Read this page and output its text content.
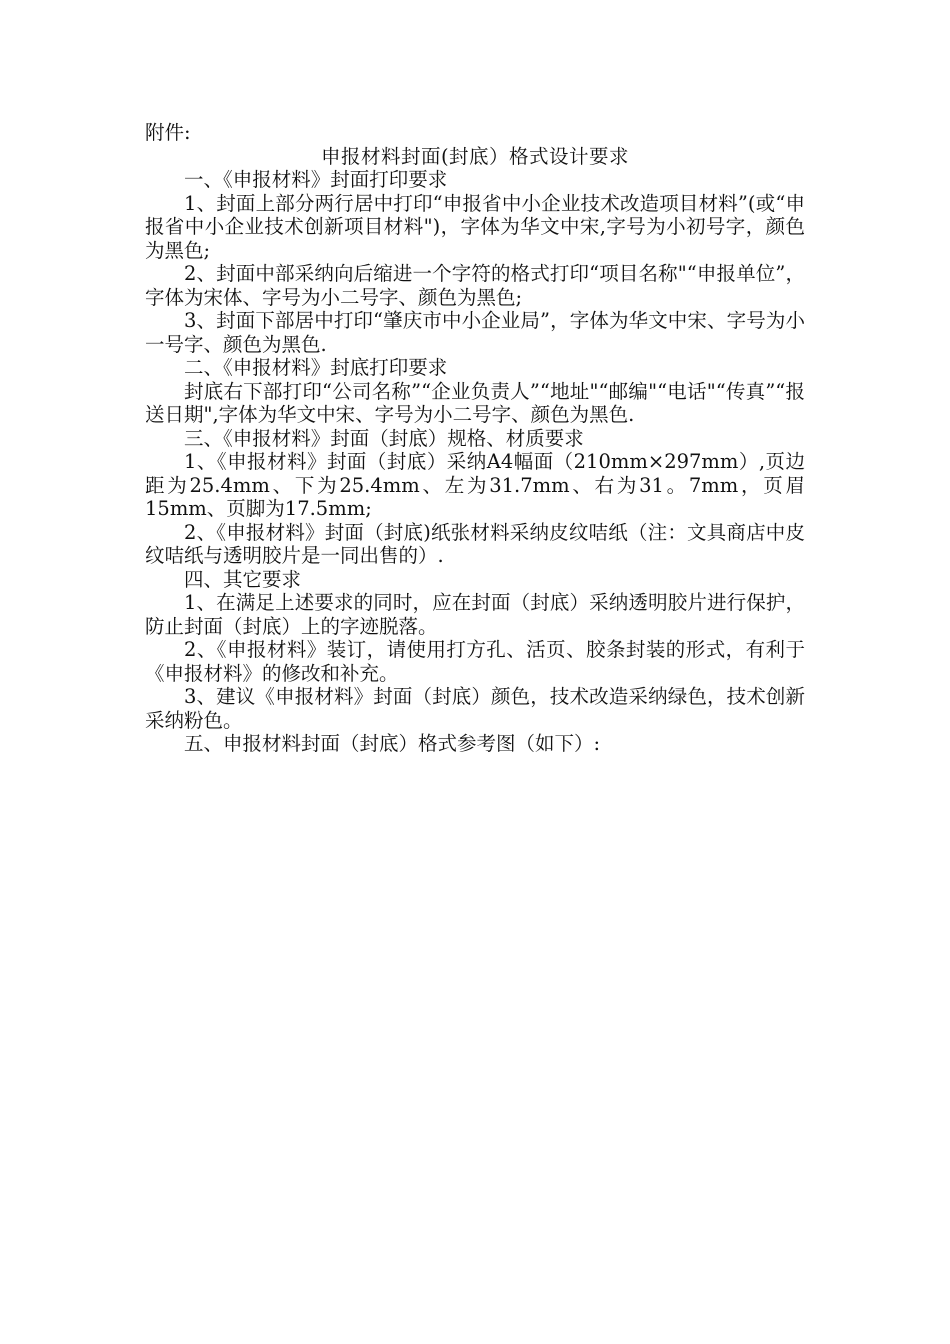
附件:

申报材料封面(封底）格式设计要求

一、《申报材料》封面打印要求

1、封面上部分两行居中打印“申报省中小企业技术改造项目材料”(或“申报省中小企业技术创新项目材料")，字体为华文中宋,字号为小初号字，颜色为黑色;

2、封面中部采纳向后缩进一个字符的格式打印“项目名称"“申报单位”，字体为宋体、字号为小二号字、颜色为黑色;

3、封面下部居中打印“肇庆市中小企业局”，字体为华文中宋、字号为小一号字、颜色为黑色.

二、《申报材料》封底打印要求

封底右下部打印“公司名称”“企业负责人”“地址"“邮编"“电话"“传真”“报送日期",字体为华文中宋、字号为小二号字、颜色为黑色.

三、《申报材料》封面（封底）规格、材质要求

1、《申报材料》封面（封底）采纳A4幅面（210mm×297mm）,页边距为25.4mm、下为25.4mm、左为31.7mm、右为31。7mm，页眉15mm、页脚为17.5mm;

2、《申报材料》封面（封底)纸张材料采纳皮纹咭纸（注：文具商店中皮纹咭纸与透明胶片是一同出售的）.

四、其它要求

1、在满足上述要求的同时，应在封面（封底）采纳透明胶片进行保护，防止封面（封底）上的字迹脱落。

2、《申报材料》装订，请使用打方孔、活页、胶条封装的形式，有利于《申报材料》的修改和补充。

3、建议《申报材料》封面（封底）颜色，技术改造采纳绿色，技术创新采纳粉色。

五、申报材料封面（封底）格式参考图（如下）:
